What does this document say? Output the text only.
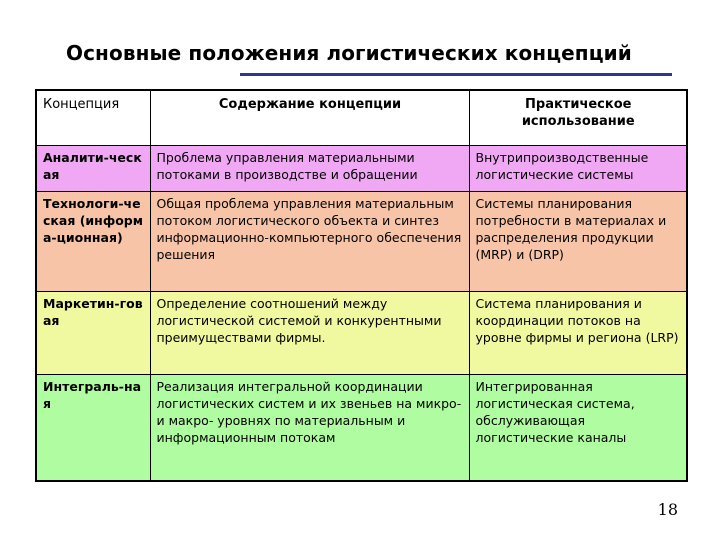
Основные положения логистических концепций
Концепция	Содержание концепции	Практическое использование
Аналити-ческая	Проблема управления материальными потоками в производстве и обращении	Внутрипроизводственные логистические системы
Технологи-ческая (информа-ционная)	Общая проблема управления материальным потоком логистического объекта и синтез информационно-компьютерного обеспечения решения	Системы планирования потребности в материалах и распределения продукции (MRP) и (DRP)
Маркетин-говая	Определение соотношений между логистической системой и конкурентными преимуществами фирмы.	Система планирования и координации потоков на уровне фирмы и региона (LRP)
Интеграль-ная	Реализация интегральной координации логистических систем и их звеньев на микро- и макро- уровнях по материальным и информационным потокам	Интегрированная логистическая система, обслуживающая логистические каналы
18
